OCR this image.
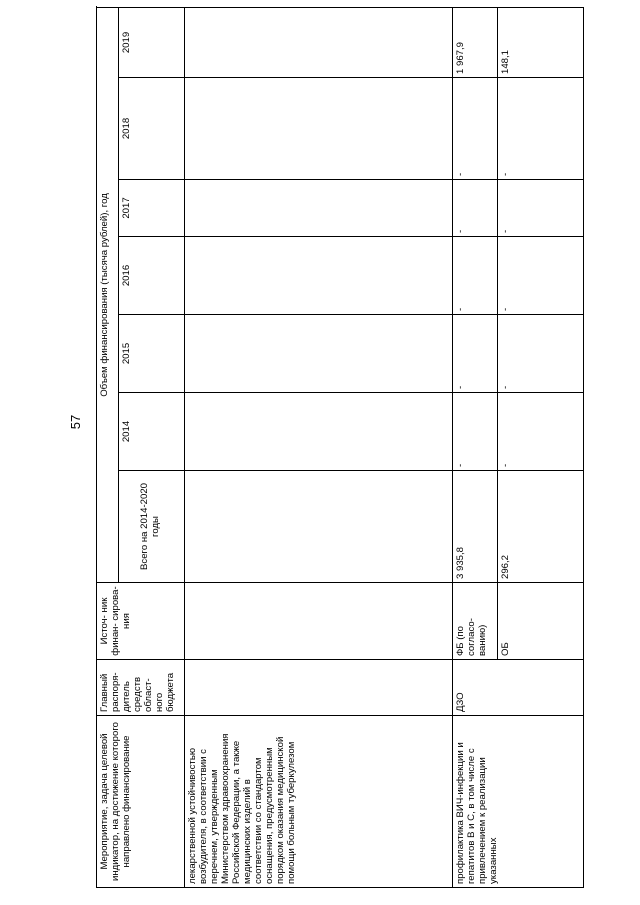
57
Мероприятие, задача целевой индикатор, на достижение которого направлено финансирование	Главный распоря- дитель средств област- ного бюджета	Источ- ник финан- сирова- ния	Объем финансирования (тысяча рублей), год							
			Всего на 2014-2020 годы	2014	2015	2016	2017	2018	2019	
лекарственной устойчивостью возбудителя, в соответствии с перечнем, утвержденным Министерством здравоохранения Российской Федерации, а также медицинских изделий в соответствии со стандартом оснащения, предусмотренным порядком оказания медицинской помощи больным туберкулезом										
профилактика ВИЧ-инфекции и гепатитов B и C, в том числе с привлечением к реализации указанных	ДЗО	ФБ (по согласо- ванию)	3 935,8	-	-	-	-	-	1 967,9	
		ОБ	296,2	-	-	-	-	-	148,1	
